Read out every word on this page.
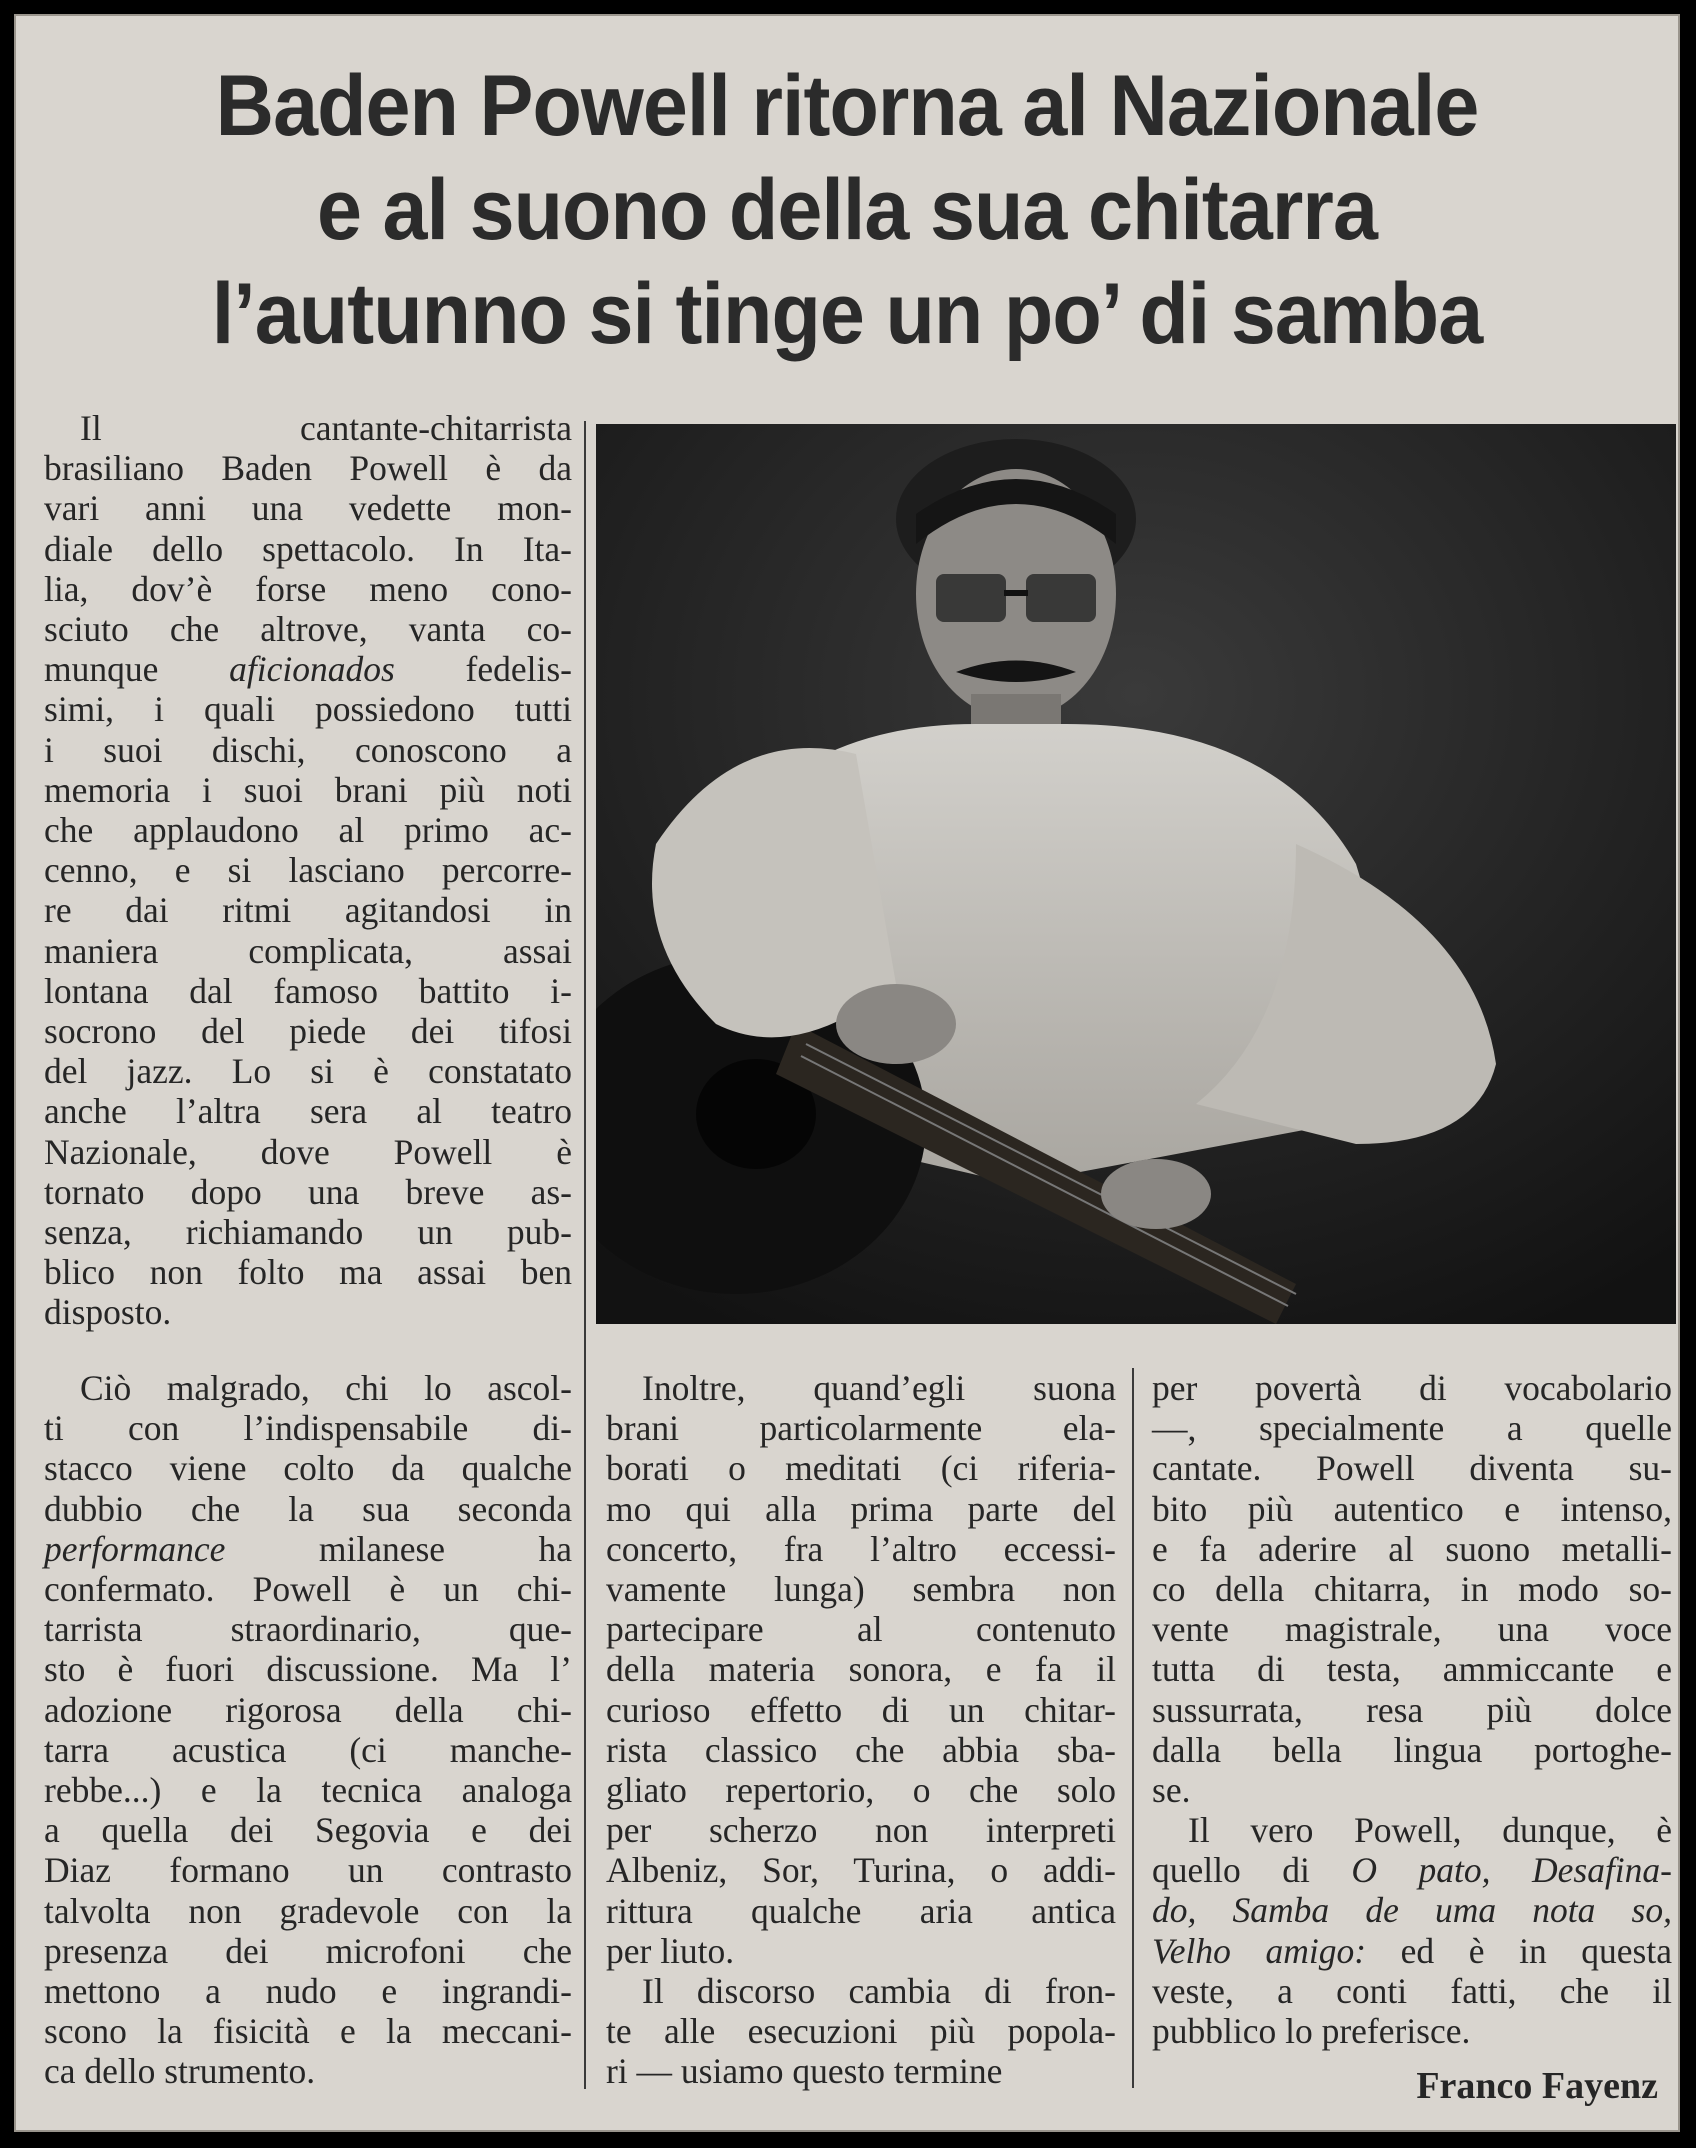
Baden Powell ritorna al Nazionale
e al suono della sua chitarra
l’autunno si tinge un po’ di samba
Il cantante-chitarrista
brasiliano Baden Powell è da
vari anni una vedette mon-
diale dello spettacolo. In Ita-
lia, dov’è forse meno cono-
sciuto che altrove, vanta co-
munque aficionados fedelis-
simi, i quali possiedono tutti
i suoi dischi, conoscono a
memoria i suoi brani più noti
che applaudono al primo ac-
cenno, e si lasciano percorre-
re dai ritmi agitandosi in
maniera complicata, assai
lontana dal famoso battito i-
socrono del piede dei tifosi
del jazz. Lo si è constatato
anche l’altra sera al teatro
Nazionale, dove Powell è
tornato dopo una breve as-
senza, richiamando un pub-
blico non folto ma assai ben
disposto.
Ciò malgrado, chi lo ascol-
ti con l’indispensabile di-
stacco viene colto da qualche
dubbio che la sua seconda
performance milanese ha
confermato. Powell è un chi-
tarrista straordinario, que-
sto è fuori discussione. Ma l’
adozione rigorosa della chi-
tarra acustica (ci manche-
rebbe...) e la tecnica analoga
a quella dei Segovia e dei
Diaz formano un contrasto
talvolta non gradevole con la
presenza dei microfoni che
mettono a nudo e ingrandi-
scono la fisicità e la meccani-
ca dello strumento.
Inoltre, quand’egli suona
brani particolarmente ela-
borati o meditati (ci riferia-
mo qui alla prima parte del
concerto, fra l’altro eccessi-
vamente lunga) sembra non
partecipare al contenuto
della materia sonora, e fa il
curioso effetto di un chitar-
rista classico che abbia sba-
gliato repertorio, o che solo
per scherzo non interpreti
Albeniz, Sor, Turina, o addi-
rittura qualche aria antica
per liuto.
Il discorso cambia di fron-
te alle esecuzioni più popola-
ri — usiamo questo termine
per povertà di vocabolario
—, specialmente a quelle
cantate. Powell diventa su-
bito più autentico e intenso,
e fa aderire al suono metalli-
co della chitarra, in modo so-
vente magistrale, una voce
tutta di testa, ammiccante e
sussurrata, resa più dolce
dalla bella lingua portoghe-
se.
Il vero Powell, dunque, è
quello di O pato, Desafina-
do, Samba de uma nota so,
Velho amigo: ed è in questa
veste, a conti fatti, che il
pubblico lo preferisce.
Franco Fayenz
